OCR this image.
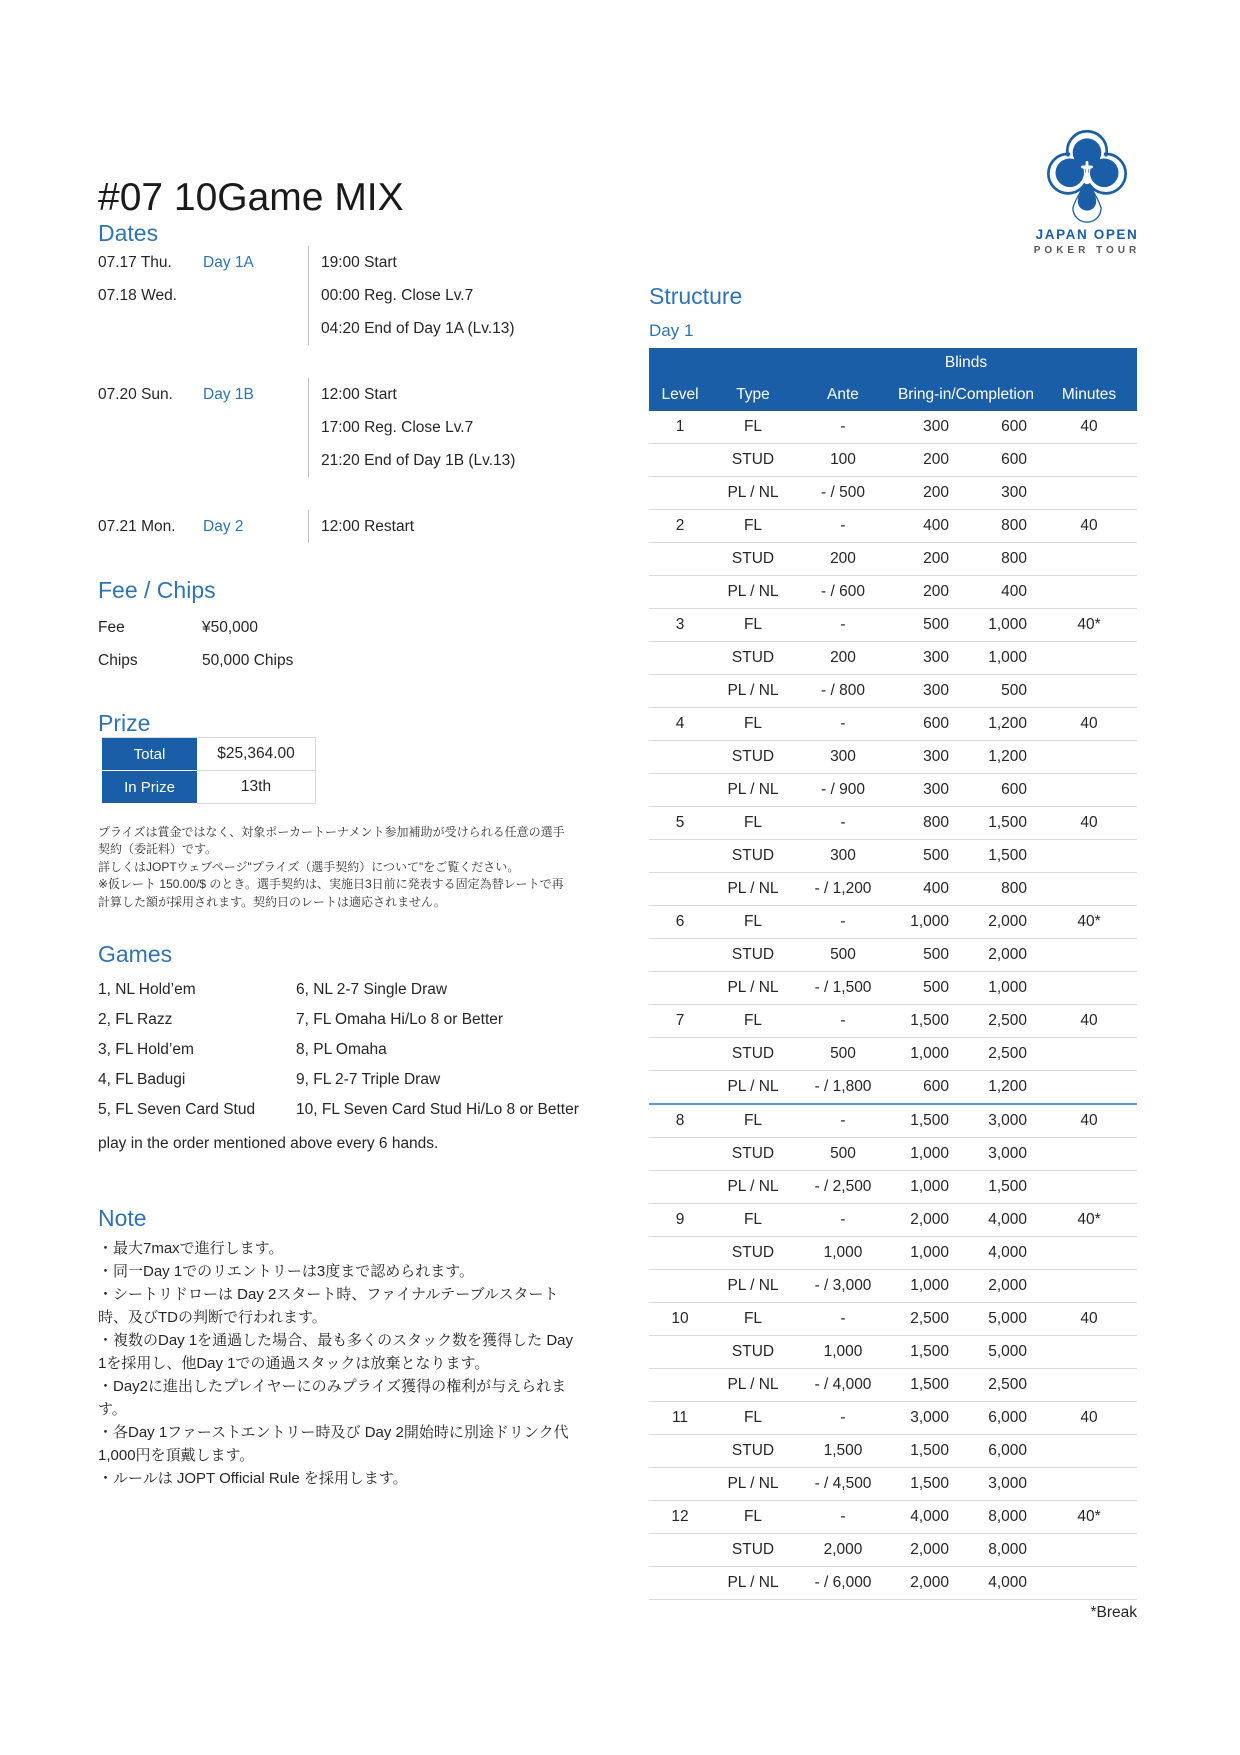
#07 10Game MIX
JAPAN OPEN
POKER TOUR
Dates
07.17 Thu.	Day 1A	19:00 Start
07.18 Wed.	00:00 Reg. Close Lv.7
04:20 End of Day 1A (Lv.13)
07.20 Sun.	Day 1B	12:00 Start
17:00 Reg. Close Lv.7
21:20 End of Day 1B (Lv.13)
07.21 Mon.	Day 2	12:00 Restart
Fee / Chips
Fee	¥50,000
Chips	50,000 Chips
Prize
Total	$25,364.00
In Prize	13th

プライズは賞金ではなく、対象ポーカートーナメント参加補助が受けられる任意の選手契約（委託料）です。

詳しくはJOPTウェブページ"プライズ（選手契約）について"をご覧ください。

※仮レート 150.00/$ のとき。選手契約は、実施日3日前に発表する固定為替レートで再計算した額が採用されます。契約日のレートは適応されません。

Games
1, NL Hold’em	6, NL 2-7 Single Draw
2, FL Razz	7, FL Omaha Hi/Lo 8 or Better
3, FL Hold’em	8, PL Omaha
4, FL Badugi	9, FL 2-7 Triple Draw
5, FL Seven Card Stud	10, FL Seven Card Stud Hi/Lo 8 or Better
play in the order mentioned above every 6 hands.
Note
・最大7maxで進行します。
・同一Day 1でのリエントリーは3度まで認められます。
・シートリドローは Day 2スタート時、ファイナルテーブルスタート時、及びTDの判断で行われます。
・複数のDay 1を通過した場合、最も多くのスタック数を獲得した Day 1を採用し、他Day 1での通過スタックは放棄となります。
・Day2に進出したプレイヤーにのみプライズ獲得の権利が与えられます。
・各Day 1ファーストエントリー時及び Day 2開始時に別途ドリンク代1,000円を頂戴します。
・ルールは JOPT Official Rule を採用します。
Structure
Day 1
			Blinds		
Level	Type	Ante	Bring-in/Completion		Minutes
1	FL	-	300	600	40
	STUD	100	200	600	
	PL / NL	- / 500	200	300	
2	FL	-	400	800	40
	STUD	200	200	800	
	PL / NL	- / 600	200	400	
3	FL	-	500	1,000	40*
	STUD	200	300	1,000	
	PL / NL	- / 800	300	500	
4	FL	-	600	1,200	40
	STUD	300	300	1,200	
	PL / NL	- / 900	300	600	
5	FL	-	800	1,500	40
	STUD	300	500	1,500	
	PL / NL	- / 1,200	400	800	
6	FL	-	1,000	2,000	40*
	STUD	500	500	2,000	
	PL / NL	- / 1,500	500	1,000	
7	FL	-	1,500	2,500	40
	STUD	500	1,000	2,500	
	PL / NL	- / 1,800	600	1,200	
8	FL	-	1,500	3,000	40
	STUD	500	1,000	3,000	
	PL / NL	- / 2,500	1,000	1,500	
9	FL	-	2,000	4,000	40*
	STUD	1,000	1,000	4,000	
	PL / NL	- / 3,000	1,000	2,000	
10	FL	-	2,500	5,000	40
	STUD	1,000	1,500	5,000	
	PL / NL	- / 4,000	1,500	2,500	
11	FL	-	3,000	6,000	40
	STUD	1,500	1,500	6,000	
	PL / NL	- / 4,500	1,500	3,000	
12	FL	-	4,000	8,000	40*
	STUD	2,000	2,000	8,000	
	PL / NL	- / 6,000	2,000	4,000	
*Break
